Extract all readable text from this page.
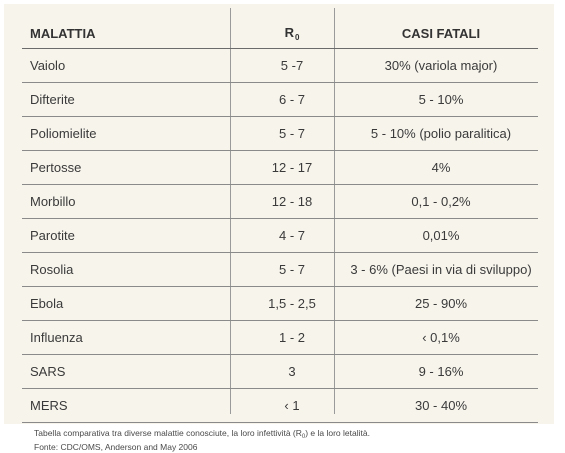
MALATTIA	$R_0$	CASI FATALI
Vaiolo	5 -7	30% (variola major)
Difterite	6 - 7	5 - 10%
Poliomielite	5 - 7	5 - 10% (polio paralitica)
Pertosse	12 - 17	4%
Morbillo	12 - 18	0,1 - 0,2%
Parotite	4 - 7	0,01%
Rosolia	5 - 7	3 - 6% (Paesi in via di sviluppo)
Ebola	1,5 - 2,5	25 - 90%
Influenza	1 - 2	‹ 0,1%
SARS	3	9 - 16%
MERS	‹ 1	30 - 40%
Tabella comparativa tra diverse malattie conosciute, la loro infettività $(R_0)$ e la loro letalità.
Fonte: CDC/OMS, Anderson and May 2006
